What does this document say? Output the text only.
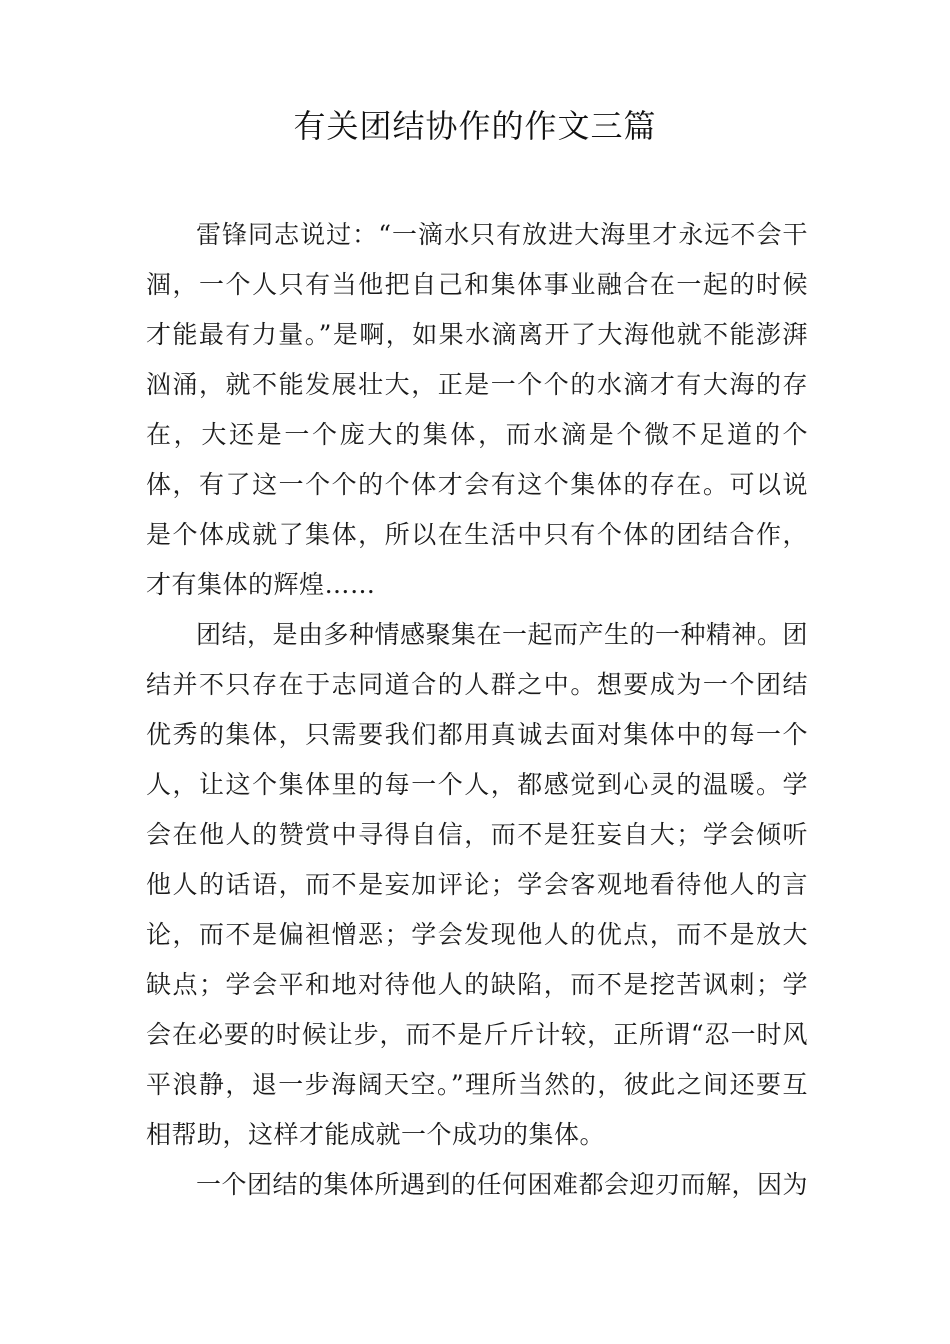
有关团结协作的作文三篇

雷锋同志说过：“一滴水只有放进大海里才永远不会干涸，一个人只有当他把自己和集体事业融合在一起的时候才能最有力量。”是啊，如果水滴离开了大海他就不能澎湃汹涌，就不能发展壮大，正是一个个的水滴才有大海的存在，大还是一个庞大的集体，而水滴是个微不足道的个体，有了这一个个的个体才会有这个集体的存在。可以说是个体成就了集体，所以在生活中只有个体的团结合作，才有集体的辉煌……

团结，是由多种情感聚集在一起而产生的一种精神。团结并不只存在于志同道合的人群之中。想要成为一个团结优秀的集体，只需要我们都用真诚去面对集体中的每一个人，让这个集体里的每一个人，都感觉到心灵的温暖。学会在他人的赞赏中寻得自信，而不是狂妄自大；学会倾听他人的话语，而不是妄加评论；学会客观地看待他人的言论，而不是偏袒憎恶；学会发现他人的优点，而不是放大缺点；学会平和地对待他人的缺陷，而不是挖苦讽刺；学会在必要的时候让步，而不是斤斤计较，正所谓“忍一时风平浪静，退一步海阔天空。”理所当然的，彼此之间还要互相帮助，这样才能成就一个成功的集体。

一个团结的集体所遇到的任何困难都会迎刃而解，因为
